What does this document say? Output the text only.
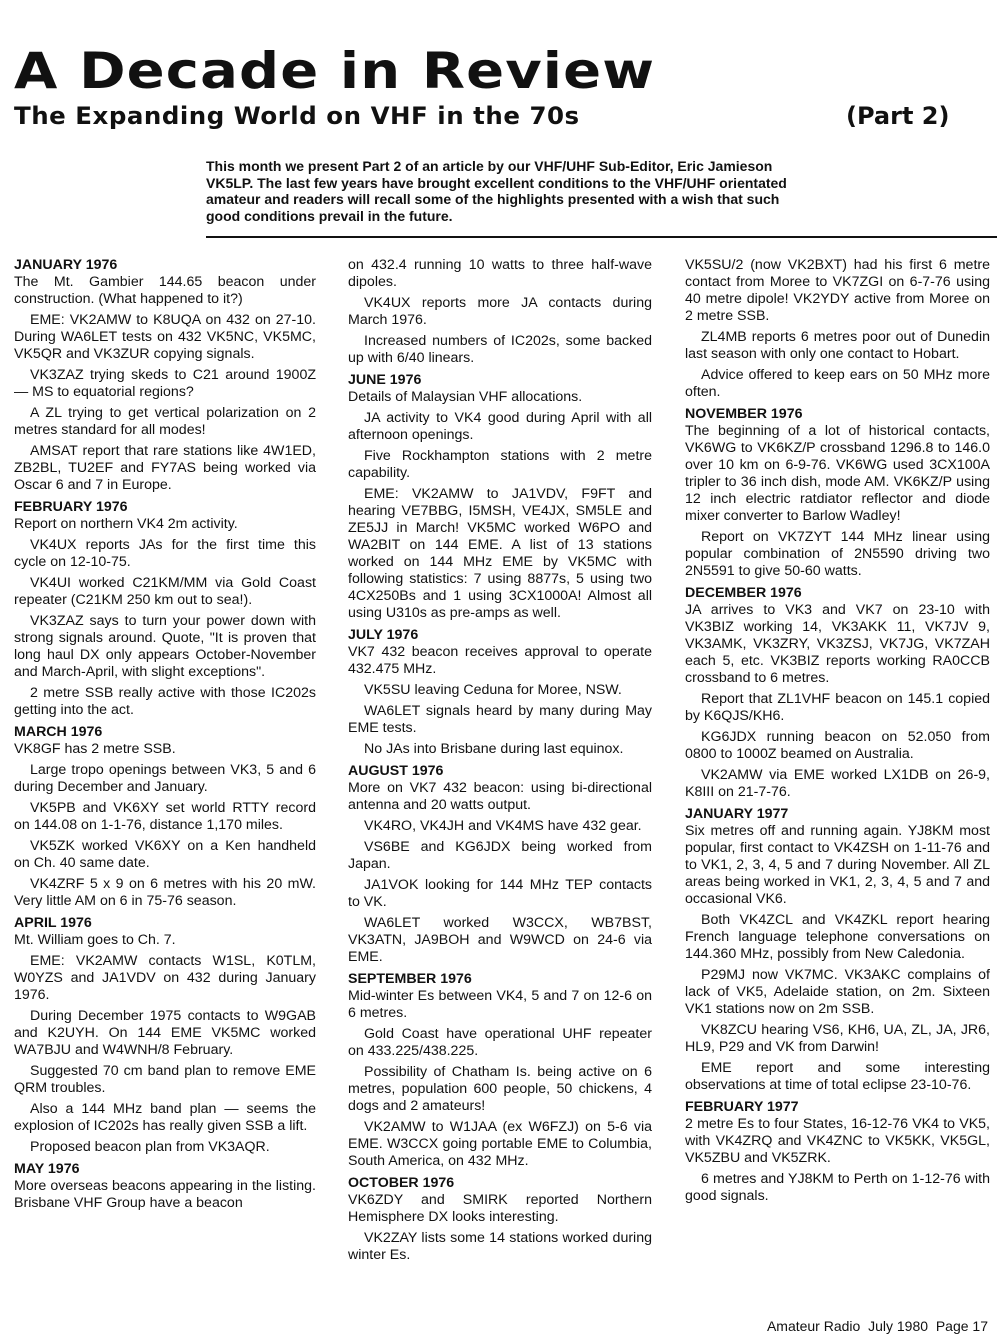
A Decade in Review
The Expanding World on VHF in the 70s	(Part 2)
This month we present Part 2 of an article by our VHF/UHF Sub-Editor, Eric Jamieson VK5LP. The last few years have brought excellent conditions to the VHF/UHF orientated amateur and readers will recall some of the highlights presented with a wish that such good conditions prevail in the future.
JANUARY 1976

The Mt. Gambier 144.65 beacon under construction. (What happened to it?)

EME: VK2AMW to K8UQA on 432 on 27-10. During WA6LET tests on 432 VK5NC, VK5MC, VK5QR and VK3ZUR copying signals.

VK3ZAZ trying skeds to C21 around 1900Z — MS to equatorial regions?

A ZL trying to get vertical polarization on 2 metres standard for all modes!

AMSAT report that rare stations like 4W1ED, ZB2BL, TU2EF and FY7AS being worked via Oscar 6 and 7 in Europe.

FEBRUARY 1976

Report on northern VK4 2m activity.

VK4UX reports JAs for the first time this cycle on 12-10-75.

VK4UI worked C21KM/MM via Gold Coast repeater (C21KM 250 km out to sea!).

VK3ZAZ says to turn your power down with strong signals around. Quote, "It is proven that long haul DX only appears October-November and March-April, with slight exceptions".

2 metre SSB really active with those IC202s getting into the act.

MARCH 1976

VK8GF has 2 metre SSB.

Large tropo openings between VK3, 5 and 6 during December and January.

VK5PB and VK6XY set world RTTY record on 144.08 on 1-1-76, distance 1,170 miles.

VK5ZK worked VK6XY on a Ken handheld on Ch. 40 same date.

VK4ZRF 5 x 9 on 6 metres with his 20 mW. Very little AM on 6 in 75-76 season.

APRIL 1976

Mt. William goes to Ch. 7.

EME: VK2AMW contacts W1SL, K0TLM, W0YZS and JA1VDV on 432 during January 1976.

During December 1975 contacts to W9GAB and K2UYH. On 144 EME VK5MC worked WA7BJU and W4WNH/8 February.

Suggested 70 cm band plan to remove EME QRM troubles.

Also a 144 MHz band plan — seems the explosion of IC202s has really given SSB a lift.

Proposed beacon plan from VK3AQR.

MAY 1976

More overseas beacons appearing in the listing. Brisbane VHF Group have a beacon

on 432.4 running 10 watts to three half-wave dipoles.

VK4UX reports more JA contacts during March 1976.

Increased numbers of IC202s, some backed up with 6/40 linears.

JUNE 1976

Details of Malaysian VHF allocations.

JA activity to VK4 good during April with all afternoon openings.

Five Rockhampton stations with 2 metre capability.

EME: VK2AMW to JA1VDV, F9FT and hearing VE7BBG, I5MSH, VE4JX, SM5LE and ZE5JJ in March! VK5MC worked W6PO and WA2BIT on 144 EME. A list of 13 stations worked on 144 MHz EME by VK5MC with following statistics: 7 using 8877s, 5 using two 4CX250Bs and 1 using 3CX1000A! Almost all using U310s as pre-amps as well.

JULY 1976

VK7 432 beacon receives approval to operate 432.475 MHz.

VK5SU leaving Ceduna for Moree, NSW.

WA6LET signals heard by many during May EME tests.

No JAs into Brisbane during last equinox.

AUGUST 1976

More on VK7 432 beacon: using bi-directional antenna and 20 watts output.

VK4RO, VK4JH and VK4MS have 432 gear.

VS6BE and KG6JDX being worked from Japan.

JA1VOK looking for 144 MHz TEP contacts to VK.

WA6LET worked W3CCX, WB7BST, VK3ATN, JA9BOH and W9WCD on 24-6 via EME.

SEPTEMBER 1976

Mid-winter Es between VK4, 5 and 7 on 12-6 on 6 metres.

Gold Coast have operational UHF repeater on 433.225/438.225.

Possibility of Chatham Is. being active on 6 metres, population 600 people, 50 chickens, 4 dogs and 2 amateurs!

VK2AMW to W1JAA (ex W6FZJ) on 5-6 via EME. W3CCX going portable EME to Columbia, South America, on 432 MHz.

OCTOBER 1976

VK6ZDY and SMIRK reported Northern Hemisphere DX looks interesting.

VK2ZAY lists some 14 stations worked during winter Es.

VK5SU/2 (now VK2BXT) had his first 6 metre contact from Moree to VK7ZGI on 6-7-76 using 40 metre dipole! VK2YDY active from Moree on 2 metre SSB.

ZL4MB reports 6 metres poor out of Dunedin last season with only one contact to Hobart.

Advice offered to keep ears on 50 MHz more often.

NOVEMBER 1976

The beginning of a lot of historical contacts, VK6WG to VK6KZ/P crossband 1296.8 to 146.0 over 10 km on 6-9-76. VK6WG used 3CX100A tripler to 36 inch dish, mode AM. VK6KZ/P using 12 inch electric ratdiator reflector and diode mixer converter to Barlow Wadley!

Report on VK7ZYT 144 MHz linear using popular combination of 2N5590 driving two 2N5591 to give 50-60 watts.

DECEMBER 1976

JA arrives to VK3 and VK7 on 23-10 with VK3BIZ working 14, VK3AKK 11, VK7JV 9, VK3AMK, VK3ZRY, VK3ZSJ, VK7JG, VK7ZAH each 5, etc. VK3BIZ reports working RA0CCB crossband to 6 metres.

Report that ZL1VHF beacon on 145.1 copied by K6QJS/KH6.

KG6JDX running beacon on 52.050 from 0800 to 1000Z beamed on Australia.

VK2AMW via EME worked LX1DB on 26-9, K8III on 21-7-76.

JANUARY 1977

Six metres off and running again. YJ8KM most popular, first contact to VK4ZSH on 1-11-76 and to VK1, 2, 3, 4, 5 and 7 during November. All ZL areas being worked in VK1, 2, 3, 4, 5 and 7 and occasional VK6.

Both VK4ZCL and VK4ZKL report hearing French language telephone conversations on 144.360 MHz, possibly from New Caledonia.

P29MJ now VK7MC. VK3AKC complains of lack of VK5, Adelaide station, on 2m. Sixteen VK1 stations now on 2m SSB.

VK8ZCU hearing VS6, KH6, UA, ZL, JA, JR6, HL9, P29 and VK from Darwin!

EME report and some interesting observations at time of total eclipse 23-10-76.

FEBRUARY 1977

2 metre Es to four States, 16-12-76 VK4 to VK5, with VK4ZRQ and VK4ZNC to VK5KK, VK5GL, VK5ZBU and VK5ZRK.

6 metres and YJ8KM to Perth on 1-12-76 with good signals.

Amateur Radio July 1980 Page 17
